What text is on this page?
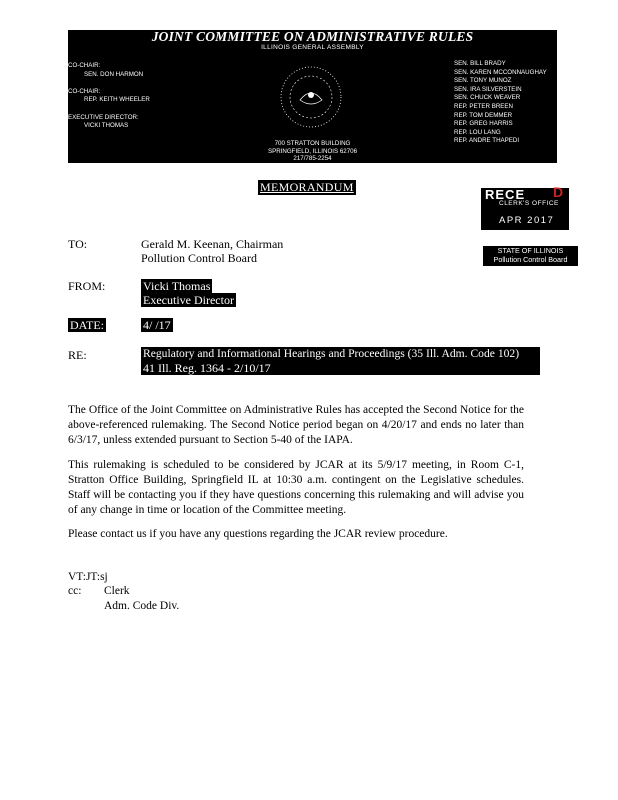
JOINT COMMITTEE ON ADMINISTRATIVE RULES
ILLINOIS GENERAL ASSEMBLY
CO-CHAIR:
SEN. DON HARMON

CO-CHAIR:
REP. KEITH WHEELER

EXECUTIVE DIRECTOR:
VICKI THOMAS
SEN. BILL BRADY
SEN. KAREN MCCONNAUGHAY
SEN. TONY MUNOZ
SEN. IRA SILVERSTEIN
SEN. CHUCK WEAVER
REP. PETER BREEN
REP. TOM DEMMER
REP. GREG HARRIS
REP. LOU LANG
REP. ANDRE THAPEDI
700 STRATTON BUILDING
SPRINGFIELD, ILLINOIS 62706
217/785-2254
MEMORANDUM	RECE D
CLERK'S OFFICE
APR 2017
STATE OF ILLINOIS
Pollution Control Board
TO:	Gerald M. Keenan, Chairman
Pollution Control Board
FROM:	Vicki Thomas
Executive Director
DATE:	4/ /17
RE:	Regulatory and Informational Hearings and Proceedings (35 Ill. Adm. Code 102)
41 Ill. Reg. 1364 - 2/10/17
The Office of the Joint Committee on Administrative Rules has accepted the Second Notice for the above-referenced rulemaking. The Second Notice period began on 4/20/17 and ends no later than 6/3/17, unless extended pursuant to Section 5-40 of the IAPA.
This rulemaking is scheduled to be considered by JCAR at its 5/9/17 meeting, in Room C-1, Stratton Office Building, Springfield IL at 10:30 a.m. contingent on the Legislative schedules. Staff will be contacting you if they have questions concerning this rulemaking and will advise you of any change in time or location of the Committee meeting.
Please contact us if you have any questions regarding the JCAR review procedure.
VT:JT:sj
cc: Clerk
Adm. Code Div.
